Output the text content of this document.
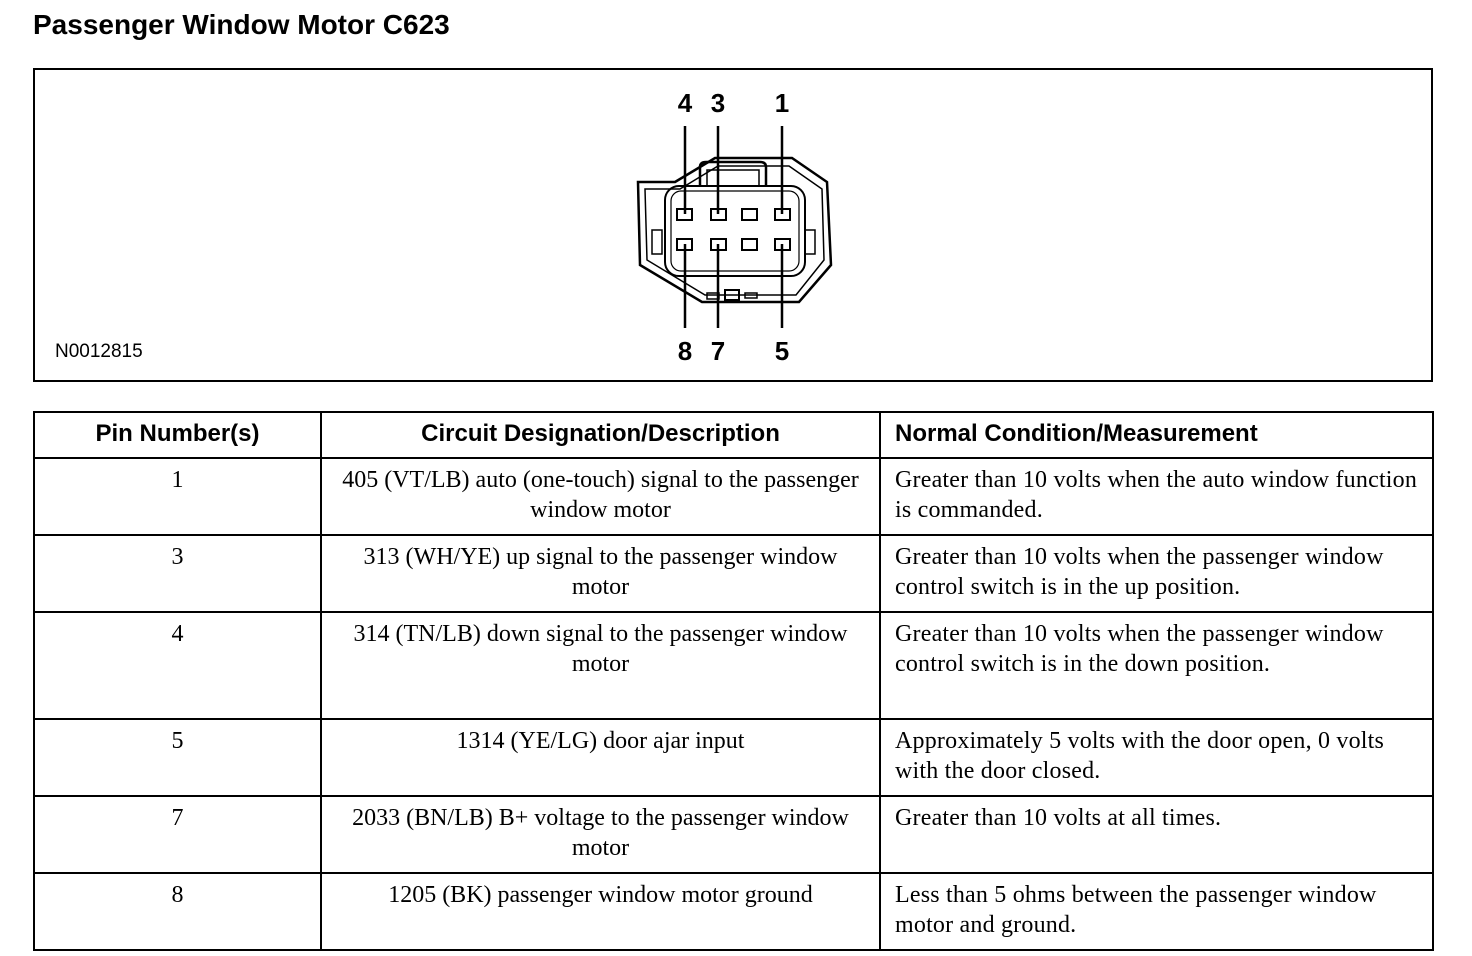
Passenger Window Motor C623
4 3 1
8 7 5
N0012815
Pin Number(s)	Circuit Designation/Description	Normal Condition/Measurement
1	405 (VT/LB) auto (one-touch) signal to the passenger window motor	Greater than 10 volts when the auto window function is commanded.
3	313 (WH/YE) up signal to the passenger window motor	Greater than 10 volts when the passenger window control switch is in the up position.
4	314 (TN/LB) down signal to the passenger window motor	Greater than 10 volts when the passenger window control switch is in the down position.
5	1314 (YE/LG) door ajar input	Approximately 5 volts with the door open, 0 volts with the door closed.
7	2033 (BN/LB) B+ voltage to the passenger window motor	Greater than 10 volts at all times.
8	1205 (BK) passenger window motor ground	Less than 5 ohms between the passenger window motor and ground.
